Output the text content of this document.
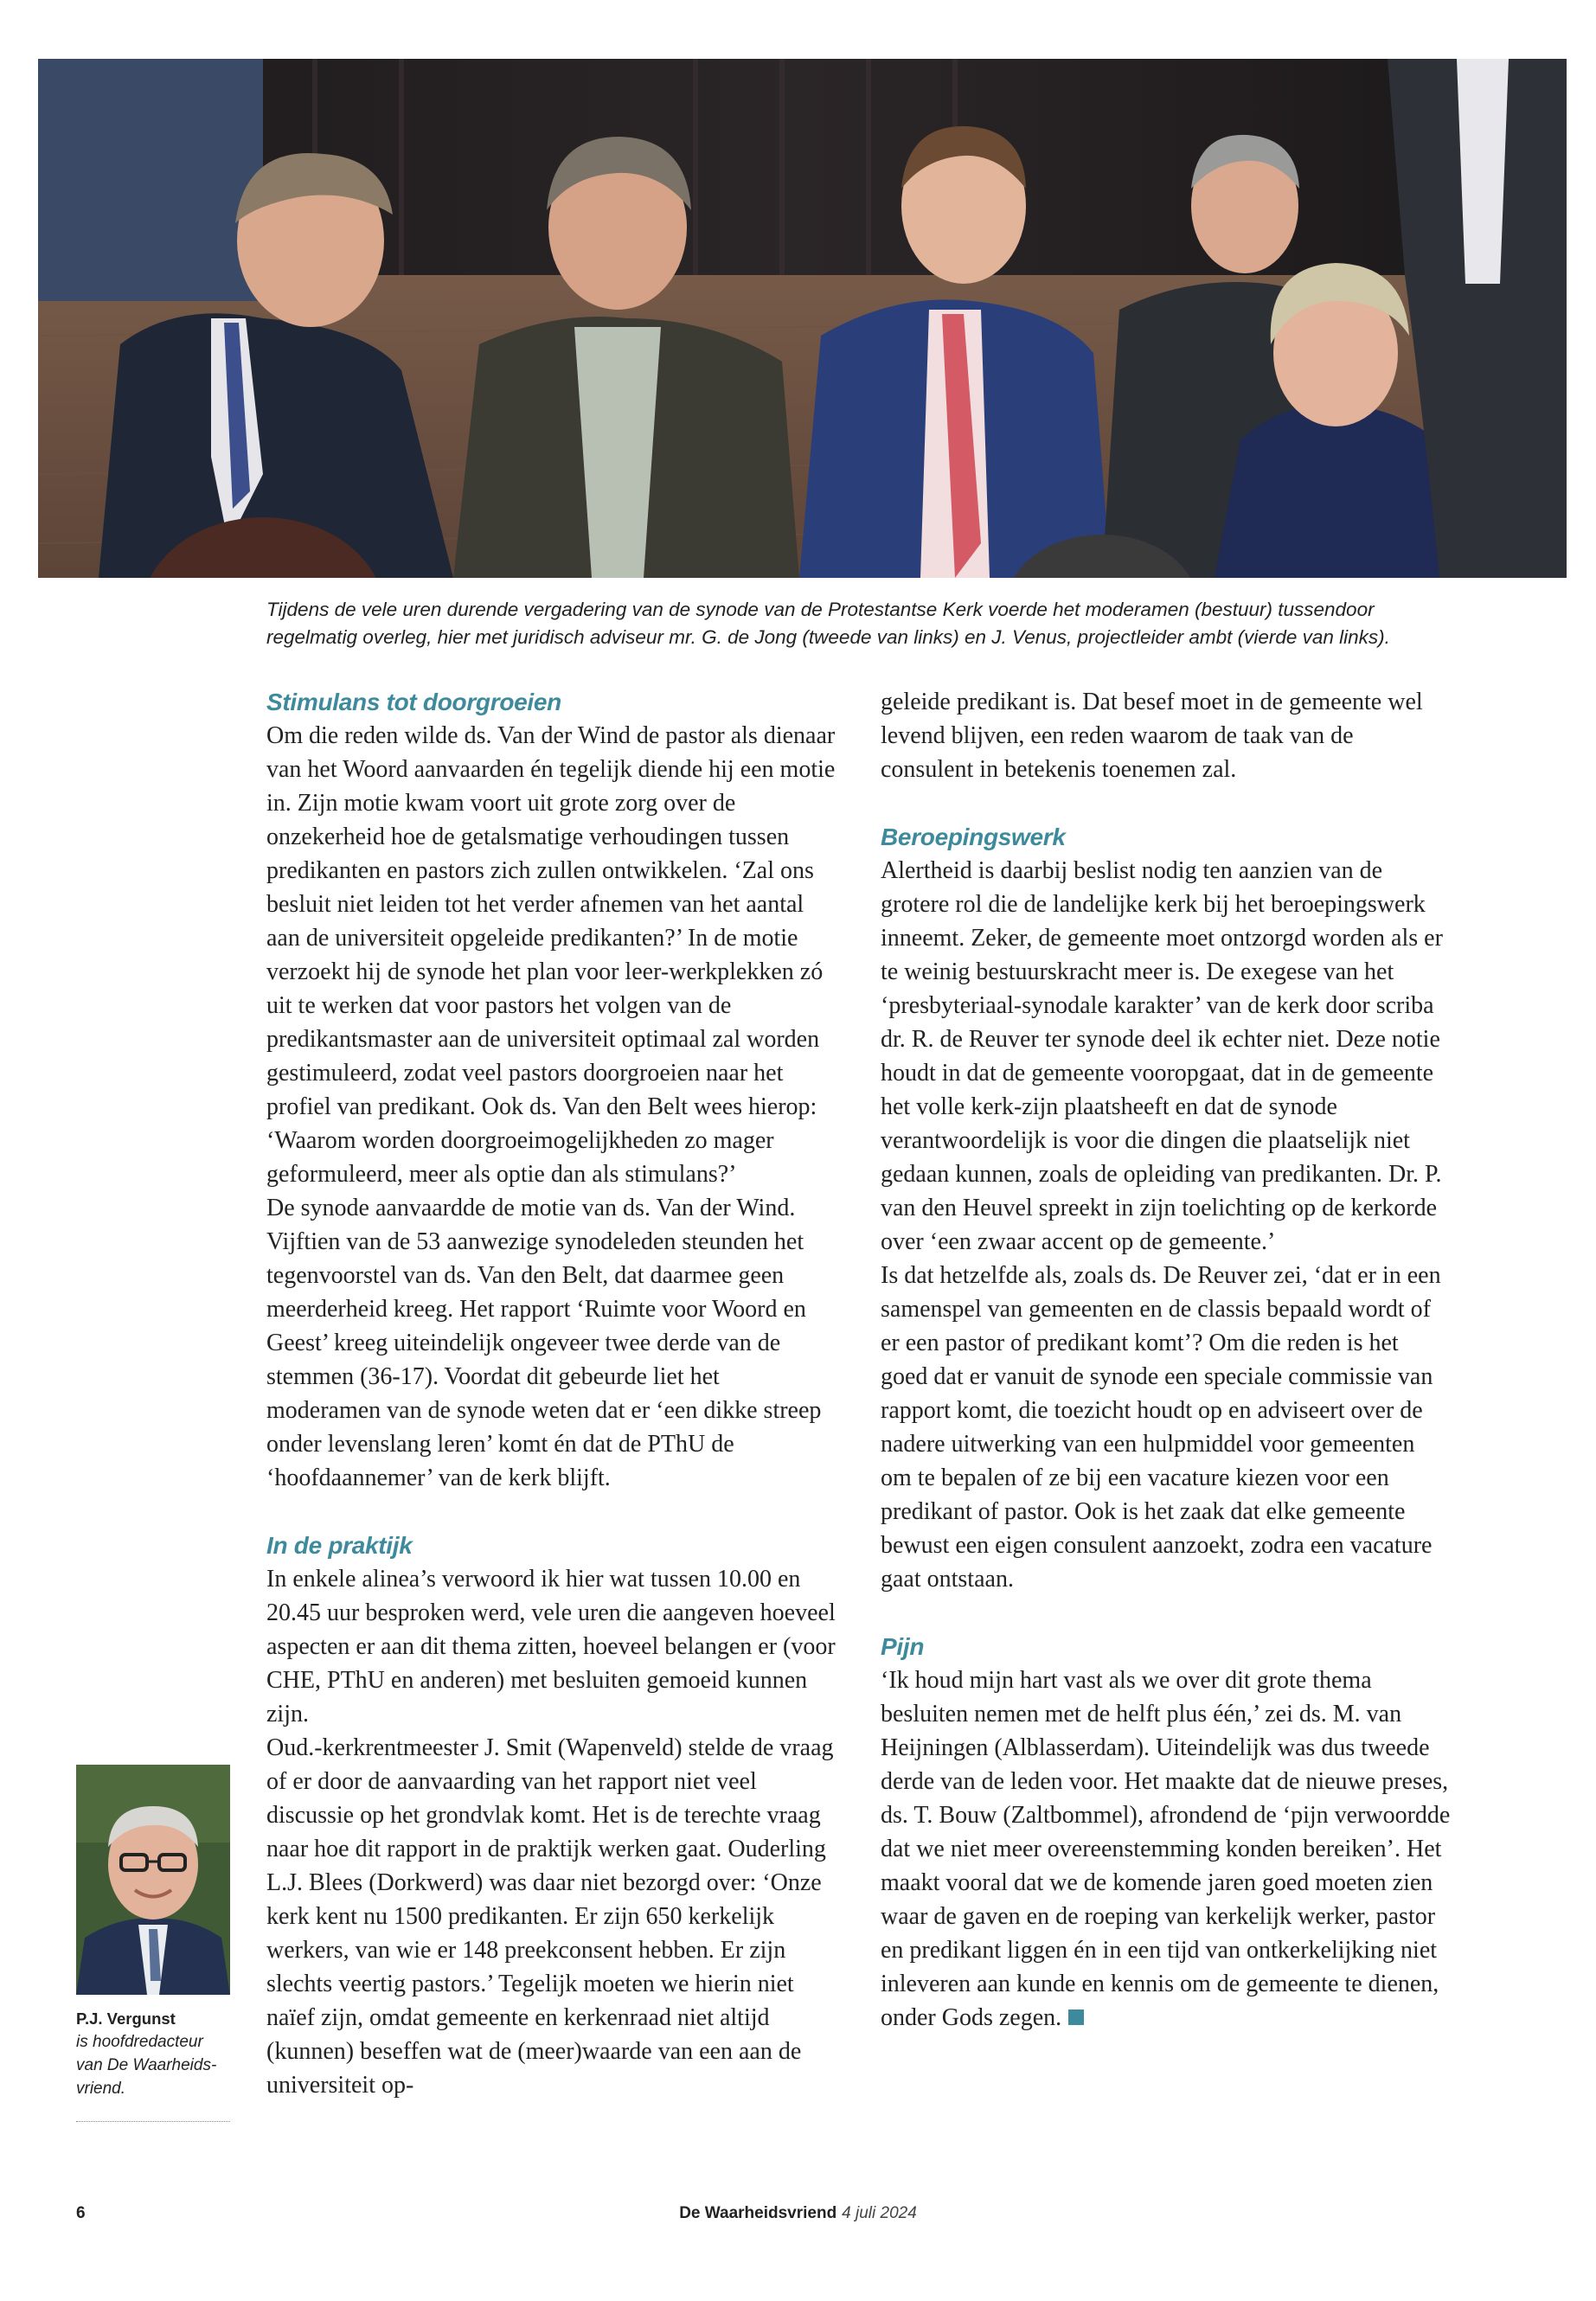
Tijdens de vele uren durende vergadering van de synode van de Protestantse Kerk voerde het moderamen (bestuur) tussendoor regelmatig overleg, hier met juridisch adviseur mr. G. de Jong (tweede van links) en J. Venus, projectleider ambt (vierde van links).
Stimulans tot doorgroeien

Om die reden wilde ds. Van der Wind de pastor als dienaar van het Woord aanvaarden én tegelijk diende hij een motie in. Zijn motie kwam voort uit grote zorg over de onzekerheid hoe de getalsmatige verhoudingen tussen predikanten en pastors zich zullen ontwikkelen. ‘Zal ons besluit niet leiden tot het verder afnemen van het aantal aan de universiteit opgeleide predikanten?’ In de motie verzoekt hij de synode het plan voor leer-werkplekken zó uit te werken dat voor pastors het volgen van de predikantsmaster aan de universiteit optimaal zal worden gestimuleerd, zodat veel pastors doorgroeien naar het profiel van predikant. Ook ds. Van den Belt wees hierop: ‘Waarom worden doorgroeimogelijkheden zo mager geformuleerd, meer als optie dan als stimulans?’

De synode aanvaardde de motie van ds. Van der Wind. Vijftien van de 53 aanwezige synodeleden steunden het tegenvoorstel van ds. Van den Belt, dat daarmee geen meerderheid kreeg. Het rapport ‘Ruimte voor Woord en Geest’ kreeg uiteindelijk ongeveer twee derde van de stemmen (36-17). Voordat dit gebeurde liet het moderamen van de synode weten dat er ‘een dikke streep onder levenslang leren’ komt én dat de PThU de ‘hoofdaannemer’ van de kerk blijft.

In de praktijk

In enkele alinea’s verwoord ik hier wat tussen 10.00 en 20.45 uur besproken werd, vele uren die aangeven hoeveel aspecten er aan dit thema zitten, hoeveel belangen er (voor CHE, PThU en anderen) met besluiten gemoeid kunnen zijn.

Oud.-kerkrentmeester J. Smit (Wapenveld) stelde de vraag of er door de aanvaarding van het rapport niet veel discussie op het grondvlak komt. Het is de terechte vraag naar hoe dit rapport in de praktijk werken gaat. Ouderling L.J. Blees (Dorkwerd) was daar niet bezorgd over: ‘Onze kerk kent nu 1500 predikanten. Er zijn 650 kerkelijk werkers, van wie er 148 preekconsent hebben. Er zijn slechts veertig pastors.’ Tegelijk moeten we hierin niet naïef zijn, omdat gemeente en kerkenraad niet altijd (kunnen) beseffen wat de (meer)waarde van een aan de universiteit op-

geleide predikant is. Dat besef moet in de gemeente wel levend blijven, een reden waarom de taak van de consulent in betekenis toenemen zal.

Beroepingswerk

Alertheid is daarbij beslist nodig ten aanzien van de grotere rol die de landelijke kerk bij het beroepingswerk inneemt. Zeker, de gemeente moet ontzorgd worden als er te weinig bestuurskracht meer is. De exegese van het ‘presbyteriaal-synodale karakter’ van de kerk door scriba dr. R. de Reuver ter synode deel ik echter niet. Deze notie houdt in dat de gemeente vooropgaat, dat in de gemeente het volle kerk-zijn plaatsheeft en dat de synode verantwoordelijk is voor die dingen die plaatselijk niet gedaan kunnen, zoals de opleiding van predikanten. Dr. P. van den Heuvel spreekt in zijn toelichting op de kerkorde over ‘een zwaar accent op de gemeente.’

Is dat hetzelfde als, zoals ds. De Reuver zei, ‘dat er in een samenspel van gemeenten en de classis bepaald wordt of er een pastor of predikant komt’? Om die reden is het goed dat er vanuit de synode een speciale commissie van rapport komt, die toezicht houdt op en adviseert over de nadere uitwerking van een hulpmiddel voor gemeenten om te bepalen of ze bij een vacature kiezen voor een predikant of pastor. Ook is het zaak dat elke gemeente bewust een eigen consulent aanzoekt, zodra een vacature gaat ontstaan.

Pijn

‘Ik houd mijn hart vast als we over dit grote thema besluiten nemen met de helft plus één,’ zei ds. M. van Heijningen (Alblasserdam). Uiteindelijk was dus tweede derde van de leden voor. Het maakte dat de nieuwe preses, ds. T. Bouw (Zaltbommel), afrondend de ‘pijn verwoordde dat we niet meer overeenstemming konden bereiken’. Het maakt vooral dat we de komende jaren goed moeten zien waar de gaven en de roeping van kerkelijk werker, pastor en predikant liggen én in een tijd van ontkerkelijking niet inleveren aan kunde en kennis om de gemeente te dienen, onder Gods zegen.

P.J. Vergunst
is hoofdredacteur
van De Waarheids-
vriend.
6	De Waarheidsvriend 4 juli 2024
